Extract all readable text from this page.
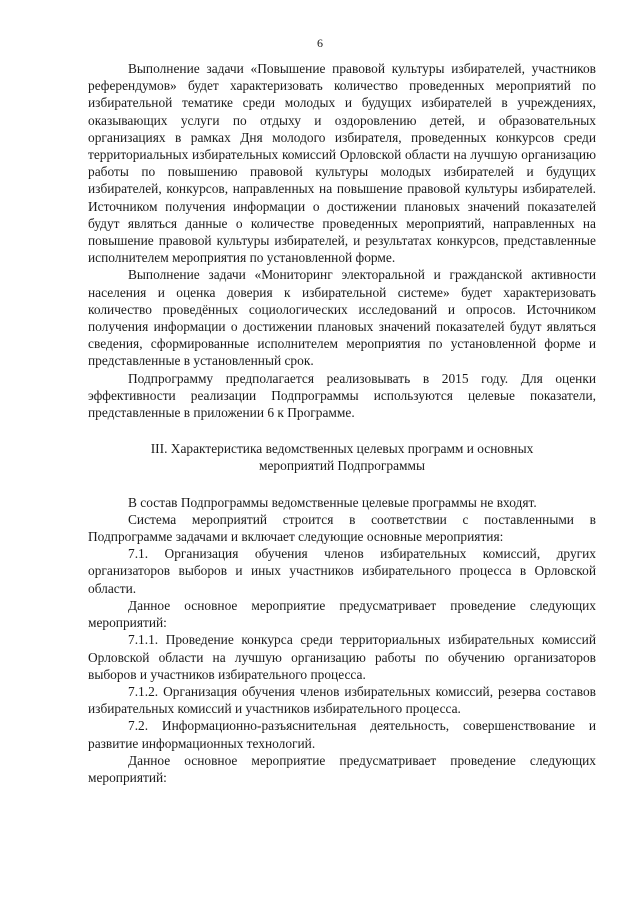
6

Выполнение задачи «Повышение правовой культуры избирателей, участников референдумов» будет характеризовать количество проведенных мероприятий по избирательной тематике среди молодых и будущих избирателей в учреждениях, оказывающих услуги по отдыху и оздоровлению детей, и образовательных организациях в рамках Дня молодого избирателя, проведенных конкурсов среди территориальных избирательных комиссий Орловской области на лучшую организацию работы по повышению правовой культуры молодых избирателей и будущих избирателей, конкурсов, направленных на повышение правовой культуры избирателей. Источником получения информации о достижении плановых значений показателей будут являться данные о количестве проведенных мероприятий, направленных на повышение правовой культуры избирателей, и результатах конкурсов, представленные исполнителем мероприятия по установленной форме.

Выполнение задачи «Мониторинг электоральной и гражданской активности населения и оценка доверия к избирательной системе» будет характеризовать количество проведённых социологических исследований и опросов. Источником получения информации о достижении плановых значений показателей будут являться сведения, сформированные исполнителем мероприятия по установленной форме и представленные в установленный срок.

Подпрограмму предполагается реализовывать в 2015 году. Для оценки эффективности реализации Подпрограммы используются целевые показатели, представленные в приложении 6 к Программе.

III. Характеристика ведомственных целевых программ и основных
мероприятий Подпрограммы

В состав Подпрограммы ведомственные целевые программы не входят.

Система мероприятий строится в соответствии с поставленными в Подпрограмме задачами и включает следующие основные мероприятия:

7.1. Организация обучения членов избирательных комиссий, других организаторов выборов и иных участников избирательного процесса в Орловской области.

Данное основное мероприятие предусматривает проведение следующих мероприятий:

7.1.1. Проведение конкурса среди территориальных избирательных комиссий Орловской области на лучшую организацию работы по обучению организаторов выборов и участников избирательного процесса.

7.1.2. Организация обучения членов избирательных комиссий, резерва составов избирательных комиссий и участников избирательного процесса.

7.2. Информационно-разъяснительная деятельность, совершенствование и развитие информационных технологий.

Данное основное мероприятие предусматривает проведение следующих мероприятий:
